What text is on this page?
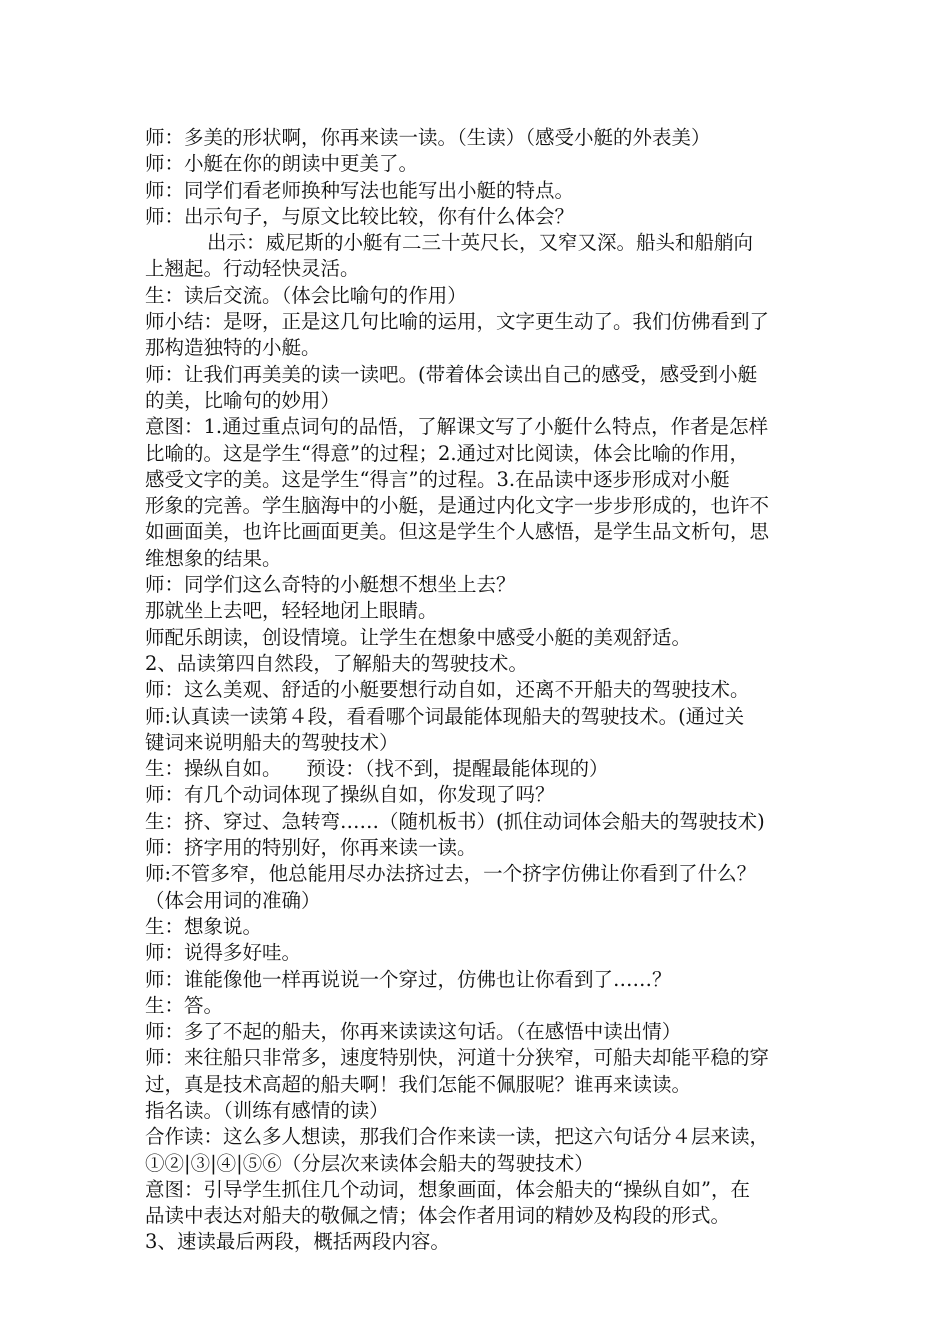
师：多美的形状啊，你再来读一读。（生读）（感受小艇的外表美）

师：小艇在你的朗读中更美了。

师：同学们看老师换种写法也能写出小艇的特点。

师：出示句子，与原文比较比较，你有什么体会？

出示：威尼斯的小艇有二三十英尺长，又窄又深。船头和船艄向

上翘起。行动轻快灵活。

生：读后交流。（体会比喻句的作用）

师小结：是呀，正是这几句比喻的运用，文字更生动了。我们仿佛看到了

那构造独特的小艇。

师：让我们再美美的读一读吧。(带着体会读出自己的感受，感受到小艇

的美，比喻句的妙用）

意图：1.通过重点词句的品悟，了解课文写了小艇什么特点，作者是怎样

比喻的。这是学生“得意”的过程；2.通过对比阅读，体会比喻的作用，

感受文字的美。这是学生“得言”的过程。3.在品读中逐步形成对小艇

形象的完善。学生脑海中的小艇，是通过内化文字一步步形成的，也许不

如画面美，也许比画面更美。但这是学生个人感悟，是学生品文析句，思

维想象的结果。

师：同学们这么奇特的小艇想不想坐上去？

那就坐上去吧，轻轻地闭上眼睛。

师配乐朗读，创设情境。让学生在想象中感受小艇的美观舒适。

2、品读第四自然段，了解船夫的驾驶技术。

师：这么美观、舒适的小艇要想行动自如，还离不开船夫的驾驶技术。

师:认真读一读第４段，看看哪个词最能体现船夫的驾驶技术。(通过关

键词来说明船夫的驾驶技术）

生：操纵自如。    预设：（找不到，提醒最能体现的）

师：有几个动词体现了操纵自如，你发现了吗？

生：挤、穿过、急转弯……（随机板书）(抓住动词体会船夫的驾驶技术)

师：挤字用的特别好，你再来读一读。

师:不管多窄，他总能用尽办法挤过去，一个挤字仿佛让你看到了什么？

（体会用词的准确）

生：想象说。

师：说得多好哇。

师：谁能像他一样再说说一个穿过，仿佛也让你看到了……？

生：答。

师：多了不起的船夫，你再来读读这句话。（在感悟中读出情）

师：来往船只非常多，速度特别快，河道十分狭窄，可船夫却能平稳的穿

过，真是技术高超的船夫啊！我们怎能不佩服呢？谁再来读读。

指名读。（训练有感情的读）

合作读：这么多人想读，那我们合作来读一读，把这六句话分４层来读，

①②|③|④|⑤⑥（分层次来读体会船夫的驾驶技术）

意图：引导学生抓住几个动词，想象画面，体会船夫的“操纵自如”，在

品读中表达对船夫的敬佩之情；体会作者用词的精妙及构段的形式。

3、速读最后两段，概括两段内容。
